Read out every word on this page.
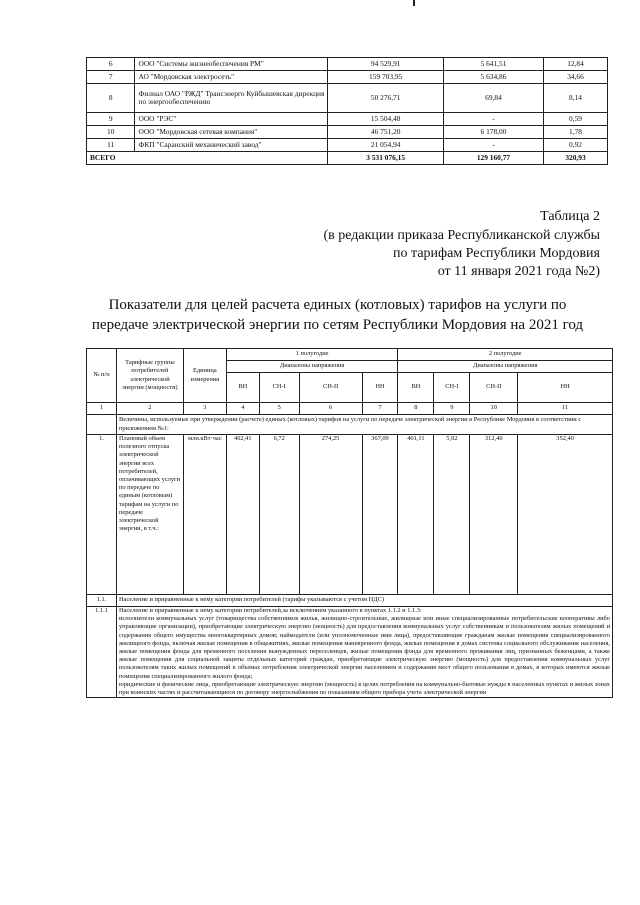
6	ООО "Системы жизнеобеспечения РМ"	94 529,91	5 641,51	12,84
7	АО "Мордовская электросеть"	159 703,95	5 634,86	34,66
8	Филиал ОАО "РЖД" Трансэнерго Куйбышевская дирекция по энергообеспечению	50 276,71	69,84	8,14
9	ООО "РЭС"	15 504,48	-	0,59
10	ООО "Мордовская сетевая компания"	46 751,20	6 178,00	1,78
11	ФКП "Саранский механический завод"	21 054,94	-	0,92
ВСЕГО		3 531 076,15	129 160,77	320,93
Таблица 2
(в редакции приказа Республиканской службы
по тарифам Республики Мордовия
от 11 января 2021 года №2)
Показатели для целей расчета единых (котловых) тарифов на услуги по
передаче электрической энергии по сетям Республики Мордовия на 2021 год
№ п/п	Тарифные группы потребителей электрической энергии (мощности)	Единица измерения	1 полугодие				2 полугодие			
			Диапазоны напряжения				Диапазоны напряжения			
			ВН	СН-I	СН-II	НН	ВН	СН-I	СН-II	НН
1	2	3	4	5	6	7	8	9	10	11
	Величины, используемые при утверждении (расчете) единых (котловых) тарифов на услуги по передаче электрической энергии в Республике Мордовия в соответствии с приложением №1:									
1.	Плановый объем полезного отпуска электрической энергии всех потребителей, оплачивающих услуги по передаче по единым (котловым) тарифам на услуги по передаче электрической энергии, в т.ч.:	млн.кВт·час	402,41	6,72	274,25	367,09	401,11	5,92	312,40	352,40
1.1.	Население и приравненные к нему категории потребителей (тарифы указываются с учетом НДС)									
1.1.1	Население и приравненные к нему категории потребителей,за исключением указанного в пунктах 1.1.2 и 1.1.3:
исполнители коммунальных услуг (товарищества собственников жилья, жилищно-строительные, жилищные или иные специализированные потребительские кооперативы либо управляющие организации), приобретающие электрическую энергию (мощность) для предоставления коммунальных услуг собственникам и пользователям жилых помещений и содержания общего имущества многоквартирных домов; наймодатели (или уполномоченные ими лица), предоставляющие гражданам жилые помещения специализированного жилищного фонда, включая жилые помещения в общежитиях, жилые помещения маневренного фонда, жилые помещения в домах системы социального обслуживания населения, жилые помещения фонда для временного поселения вынужденных переселенцев, жилые помещения фонда для временного проживания лиц, признанных беженцами, а также жилые помещения для социальной защиты отдельных категорий граждан, приобретающие электрическую энергию (мощность) для предоставления коммунальных услуг пользователям таких жилых помещений в объемах потребления электрической энергии населением и содержания мест общего пользования в домах, в которых имеются жилые помещения специализированного жилого фонда;
юридические и физические лица, приобретающие электрическую энергию (мощность) в целях потребления на коммунально-бытовые нужды в населенных пунктах и жилых зонах при воинских частях и рассчитывающиеся по договору энергоснабжения по показаниям общего прибора учета электрической энергии									
